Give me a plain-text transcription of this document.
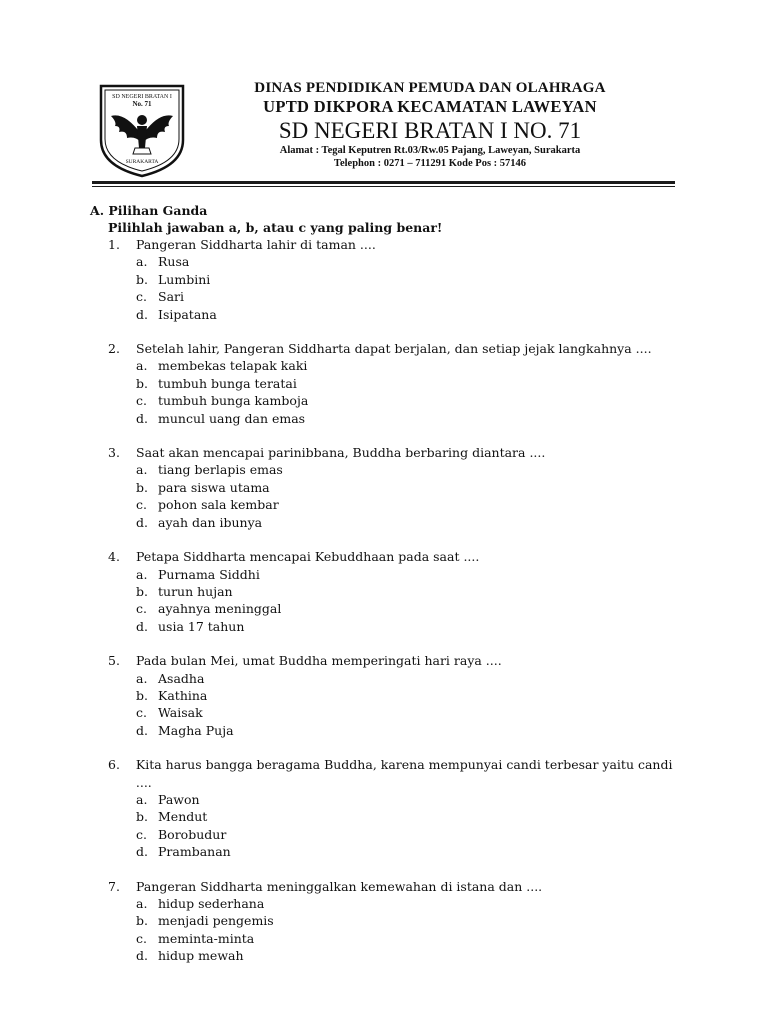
SD NEGERI BRATAN I
No. 71
SURAKARTA
DINAS PENDIDIKAN PEMUDA DAN OLAHRAGA
UPTD DIKPORA KECAMATAN LAWEYAN
SD NEGERI BRATAN I NO. 71
Alamat : Tegal Keputren Rt.03/Rw.05 Pajang, Laweyan, Surakarta
Telephon : 0271 – 711291 Kode Pos : 57146
A. Pilihan Ganda
Pilihlah jawaban a, b, atau c yang paling benar!
1.	Pangeran Siddharta lahir di taman ....
a. Rusa
b. Lumbini
c. Sari
d. Isipatana
2.	Setelah lahir, Pangeran Siddharta dapat berjalan, dan setiap jejak langkahnya ....
a. membekas telapak kaki
b. tumbuh bunga teratai
c. tumbuh bunga kamboja
d. muncul uang dan emas
3.	Saat akan mencapai parinibbana, Buddha berbaring diantara ....
a. tiang berlapis emas
b. para siswa utama
c. pohon sala kembar
d. ayah dan ibunya
4.	Petapa Siddharta mencapai Kebuddhaan pada saat ....
a. Purnama Siddhi
b. turun hujan
c. ayahnya meninggal
d. usia 17 tahun
5.	Pada bulan Mei, umat Buddha memperingati hari raya ....
a. Asadha
b. Kathina
c. Waisak
d. Magha Puja
6.	Kita harus bangga beragama Buddha, karena mempunyai candi terbesar yaitu candi ....
a. Pawon
b. Mendut
c. Borobudur
d. Prambanan
7.	Pangeran Siddharta meninggalkan kemewahan di istana dan ....
a. hidup sederhana
b. menjadi pengemis
c. meminta-minta
d. hidup mewah
